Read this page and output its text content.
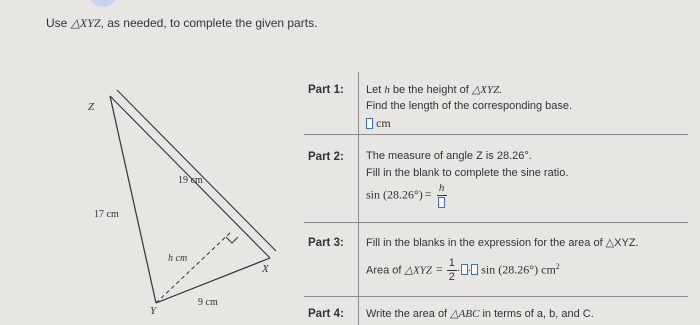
Use △XYZ, as needed, to complete the given parts.
Z
X
Y
17 cm
19 cm
h cm
9 cm
Part 1: Let h be the height of △XYZ.
Find the length of the corresponding base.
cm
Part 2: The measure of angle Z is 28.26°.
Fill in the blank to complete the sine ratio.
sin (28.26°) = h
Part 3: Fill in the blanks in the expression for the area of △XYZ.
Area of △XYZ = $\frac{1}{2}$ · · sin (28.26°) $cm^2$
Part 4: Write the area of △ABC in terms of a, b, and C.
